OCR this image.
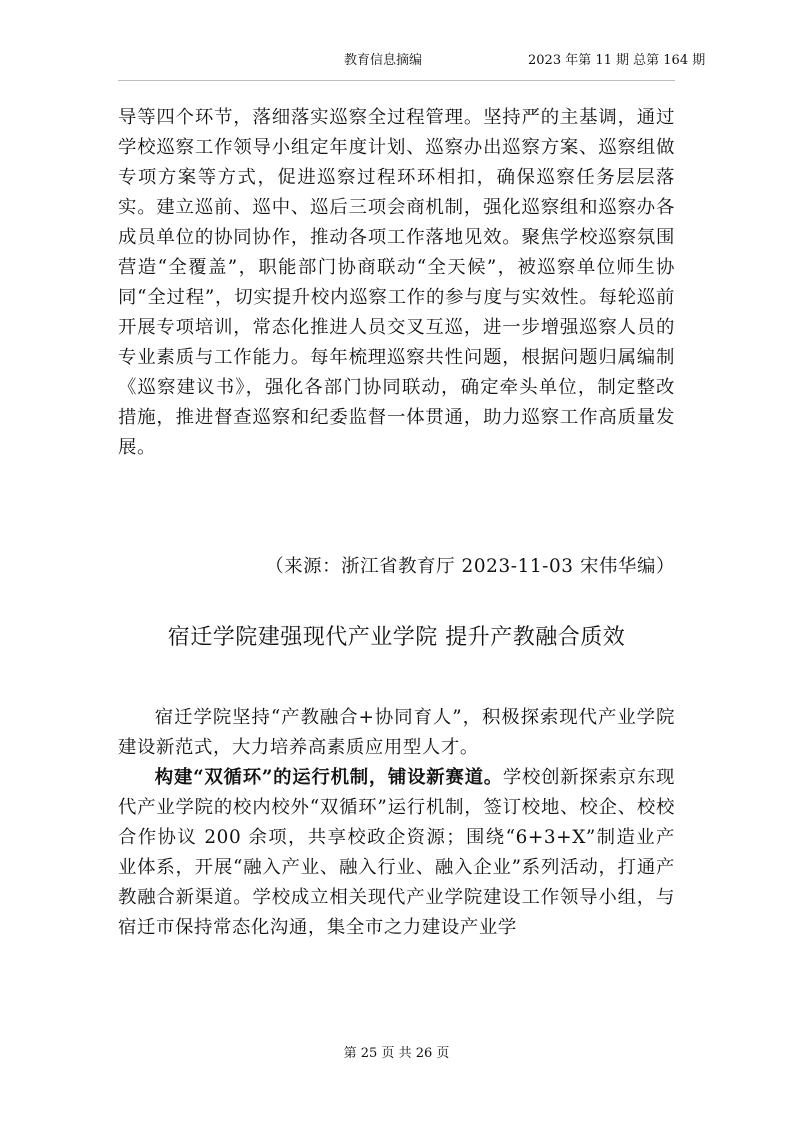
教育信息摘编	2023 年第 11 期 总第 164 期

导等四个环节，落细落实巡察全过程管理。坚持严的主基调，通过学校巡察工作领导小组定年度计划、巡察办出巡察方案、巡察组做专项方案等方式，促进巡察过程环环相扣，确保巡察任务层层落实。建立巡前、巡中、巡后三项会商机制，强化巡察组和巡察办各成员单位的协同协作，推动各项工作落地见效。聚焦学校巡察氛围营造“全覆盖”，职能部门协商联动“全天候”，被巡察单位师生协同“全过程”，切实提升校内巡察工作的参与度与实效性。每轮巡前开展专项培训，常态化推进人员交叉互巡，进一步增强巡察人员的专业素质与工作能力。每年梳理巡察共性问题，根据问题归属编制《巡察建议书》，强化各部门协同联动，确定牵头单位，制定整改措施，推进督查巡察和纪委监督一体贯通，助力巡察工作高质量发展。

（来源：浙江省教育厅 2023-11-03 宋伟华编）
宿迁学院建强现代产业学院 提升产教融合质效

宿迁学院坚持“产教融合+协同育人”，积极探索现代产业学院建设新范式，大力培养高素质应用型人才。

构建“双循环”的运行机制，铺设新赛道。学校创新探索京东现代产业学院的校内校外“双循环”运行机制，签订校地、校企、校校合作协议 200 余项，共享校政企资源；围绕“6+3+X”制造业产业体系，开展“融入产业、融入行业、融入企业”系列活动，打通产教融合新渠道。学校成立相关现代产业学院建设工作领导小组，与宿迁市保持常态化沟通，集全市之力建设产业学

第 25 页 共 26 页
